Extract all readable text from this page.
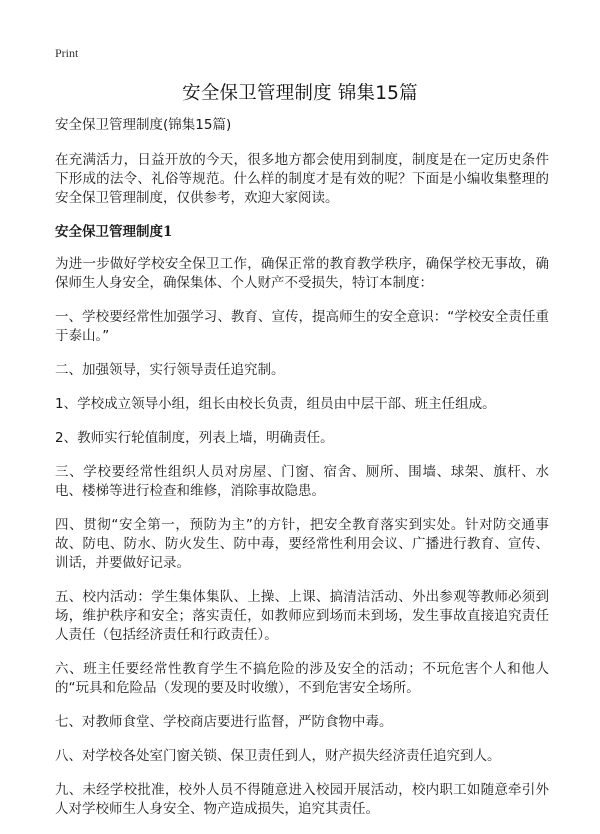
Print
安全保卫管理制度 锦集15篇
安全保卫管理制度(锦集15篇)
在充满活力，日益开放的今天，很多地方都会使用到制度，制度是在一定历史条件下形成的法令、礼俗等规范。什么样的制度才是有效的呢？下面是小编收集整理的安全保卫管理制度，仅供参考，欢迎大家阅读。
安全保卫管理制度1
为进一步做好学校安全保卫工作，确保正常的教育教学秩序，确保学校无事故，确保师生人身安全，确保集体、个人财产不受损失，特订本制度：
一、学校要经常性加强学习、教育、宣传，提高师生的安全意识：“学校安全责任重于泰山。”
二、加强领导，实行领导责任追究制。
1、学校成立领导小组，组长由校长负责，组员由中层干部、班主任组成。
2、教师实行轮值制度，列表上墙，明确责任。
三、学校要经常性组织人员对房屋、门窗、宿舍、厕所、围墙、球架、旗杆、水电、楼梯等进行检查和维修，消除事故隐患。
四、贯彻“安全第一，预防为主”的方针，把安全教育落实到实处。针对防交通事故、防电、防水、防火发生、防中毒，要经常性利用会议、广播进行教育、宣传、训话，并要做好记录。
五、校内活动：学生集体集队、上操、上课、搞清洁活动、外出参观等教师必须到场，维护秩序和安全；落实责任，如教师应到场而未到场，发生事故直接追究责任人责任（包括经济责任和行政责任）。
六、班主任要经常性教育学生不搞危险的涉及安全的活动；不玩危害个人和他人的“玩具和危险品（发现的要及时收缴），不到危害安全场所。
七、对教师食堂、学校商店要进行监督，严防食物中毒。
八、对学校各处室门窗关锁、保卫责任到人，财产损失经济责任追究到人。
九、未经学校批准，校外人员不得随意进入校园开展活动，校内职工如随意牵引外人对学校师生人身安全、物产造成损失，追究其责任。
